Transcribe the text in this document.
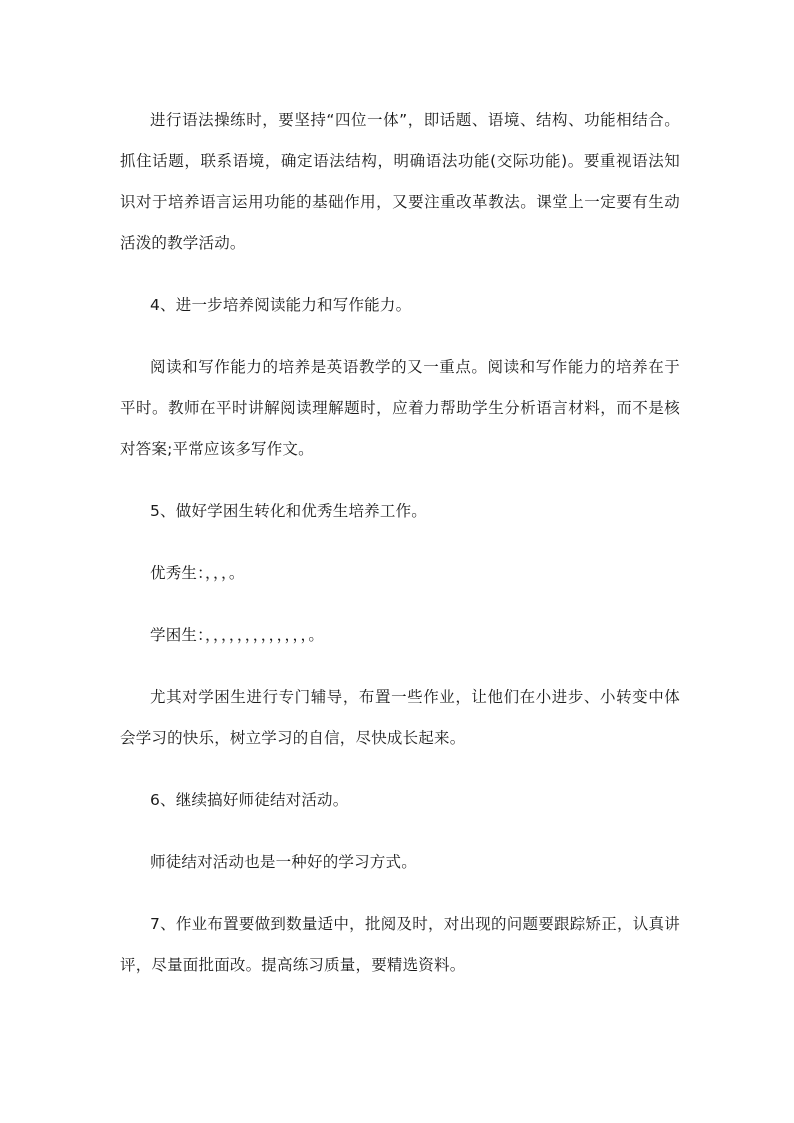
进行语法操练时，要坚持“四位一体”，即话题、语境、结构、功能相结合。抓住话题，联系语境，确定语法结构，明确语法功能(交际功能)。要重视语法知识对于培养语言运用功能的基础作用，又要注重改革教法。课堂上一定要有生动活泼的教学活动。

4、进一步培养阅读能力和写作能力。

阅读和写作能力的培养是英语教学的又一重点。阅读和写作能力的培养在于平时。教师在平时讲解阅读理解题时，应着力帮助学生分析语言材料，而不是核对答案;平常应该多写作文。

5、做好学困生转化和优秀生培养工作。

优秀生：，，，。

学困生：，，，，，，，，，，，，，。

尤其对学困生进行专门辅导，布置一些作业，让他们在小进步、小转变中体会学习的快乐，树立学习的自信，尽快成长起来。

6、继续搞好师徒结对活动。

师徒结对活动也是一种好的学习方式。

7、作业布置要做到数量适中，批阅及时，对出现的问题要跟踪矫正，认真讲评，尽量面批面改。提高练习质量，要精选资料。
